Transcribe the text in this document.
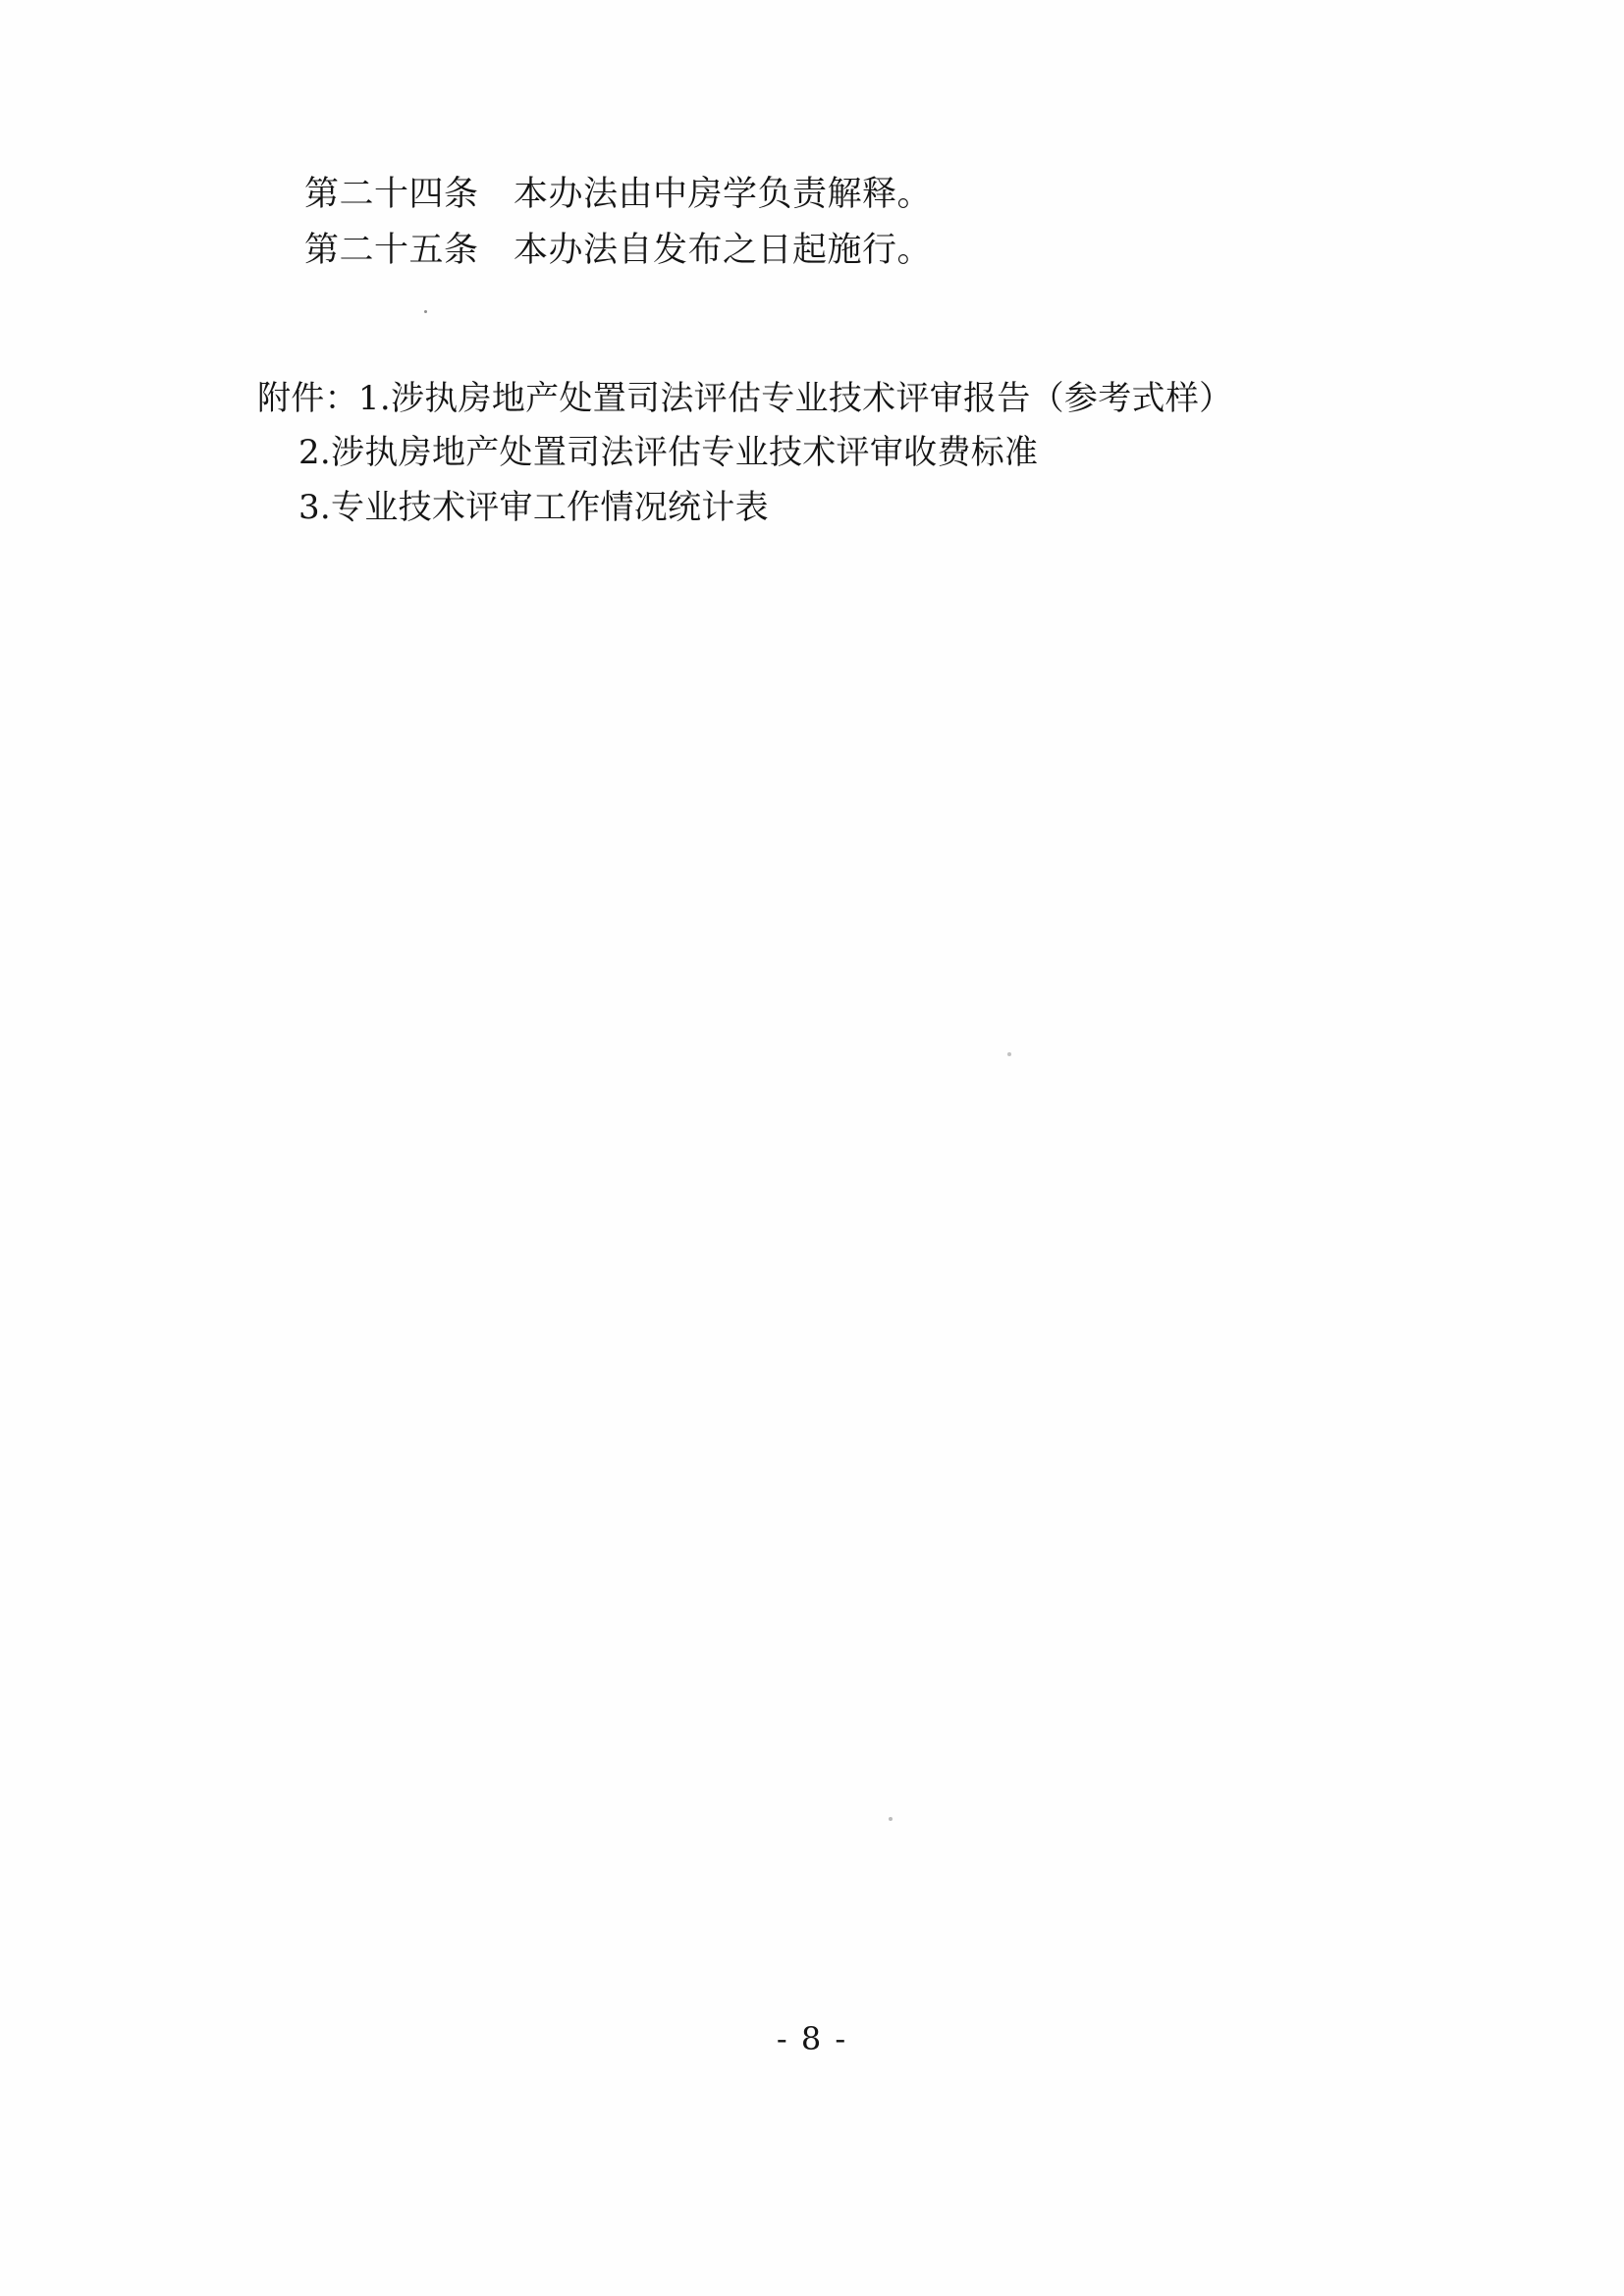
第二十四条　本办法由中房学负责解释。
第二十五条　本办法自发布之日起施行。
附件：1.涉执房地产处置司法评估专业技术评审报告（参考式样）
2.涉执房地产处置司法评估专业技术评审收费标准
3.专业技术评审工作情况统计表
- 8 -
